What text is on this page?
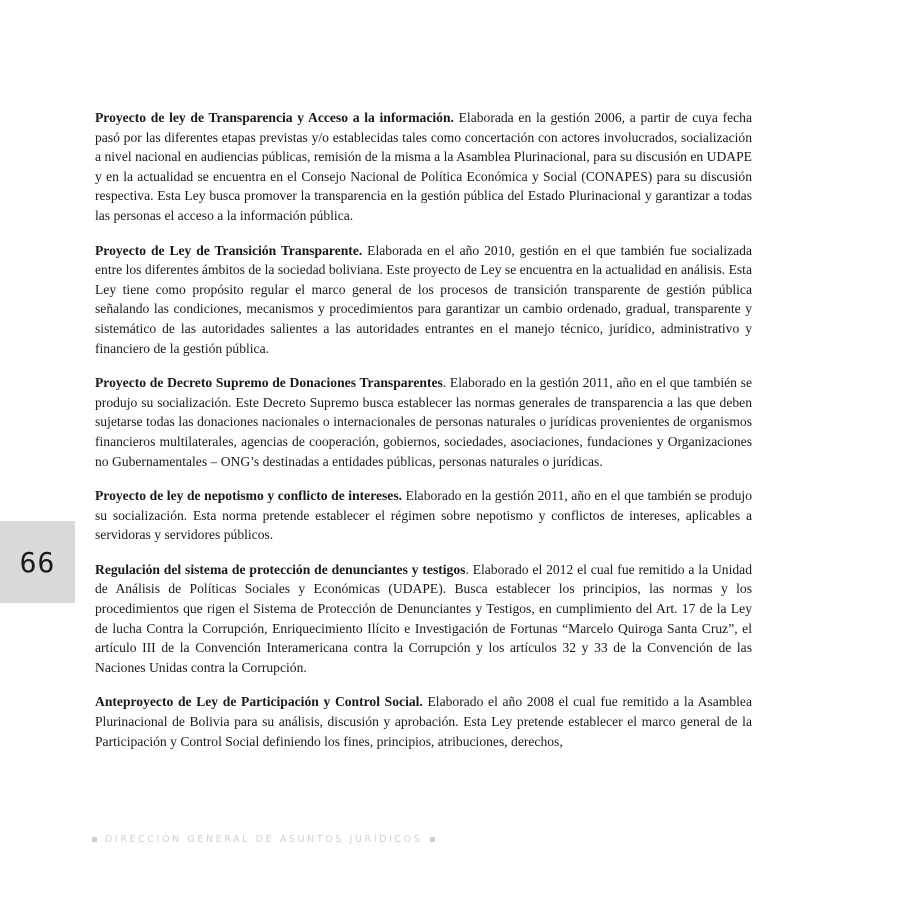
Proyecto de ley de Transparencia y Acceso a la información. Elaborada en la gestión 2006, a partir de cuya fecha pasó por las diferentes etapas previstas y/o establecidas tales como concertación con actores involucrados, socialización a nivel nacional en audiencias públicas, remisión de la misma a la Asamblea Plurinacional, para su discusión en UDAPE y en la actualidad se encuentra en el Consejo Nacional de Política Económica y Social (CONAPES) para su discusión respectiva. Esta Ley busca promover la transparencia en la gestión pública del Estado Plurinacional y garantizar a todas las personas el acceso a la información pública.

Proyecto de Ley de Transición Transparente. Elaborada en el año 2010, gestión en el que también fue socializada entre los diferentes ámbitos de la sociedad boliviana. Este proyecto de Ley se encuentra en la actualidad en análisis. Esta Ley tiene como propósito regular el marco general de los procesos de transición transparente de gestión pública señalando las condiciones, mecanismos y procedimientos para garantizar un cambio ordenado, gradual, transparente y sistemático de las autoridades salientes a las autoridades entrantes en el manejo técnico, jurídico, administrativo y financiero de la gestión pública.

Proyecto de Decreto Supremo de Donaciones Transparentes. Elaborado en la gestión 2011, año en el que también se produjo su socialización. Este Decreto Supremo busca establecer las normas generales de transparencia a las que deben sujetarse todas las donaciones nacionales o internacionales de personas naturales o jurídicas provenientes de organismos financieros multilaterales, agencias de cooperación, gobiernos, sociedades, asociaciones, fundaciones y Organizaciones no Gubernamentales – ONG’s destinadas a entidades públicas, personas naturales o jurídicas.

Proyecto de ley de nepotismo y conflicto de intereses. Elaborado en la gestión 2011, año en el que también se produjo su socialización. Esta norma pretende establecer el régimen sobre nepotismo y conflictos de intereses, aplicables a servidoras y servidores públicos.

Regulación del sistema de protección de denunciantes y testigos. Elaborado el 2012 el cual fue remitido a la Unidad de Análisis de Políticas Sociales y Económicas (UDAPE). Busca establecer los principios, las normas y los procedimientos que rigen el Sistema de Protección de Denunciantes y Testigos, en cumplimiento del Art. 17 de la Ley de lucha Contra la Corrupción, Enriquecimiento Ilícito e Investigación de Fortunas “Marcelo Quiroga Santa Cruz”, el artículo III de la Convención Interamericana contra la Corrupción y los artículos 32 y 33 de la Convención de las Naciones Unidas contra la Corrupción.

Anteproyecto de Ley de Participación y Control Social. Elaborado el año 2008 el cual fue remitido a la Asamblea Plurinacional de Bolivia para su análisis, discusión y aprobación. Esta Ley pretende establecer el marco general de la Participación y Control Social definiendo los fines, principios, atribuciones, derechos,

66
DIRECCIÓN GENERAL DE ASUNTOS JURÍDICOS
